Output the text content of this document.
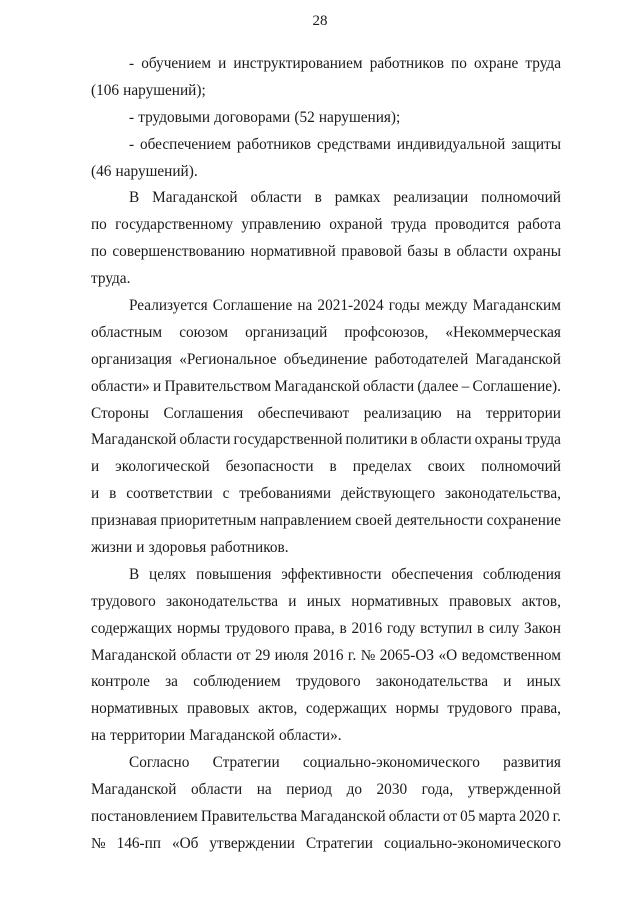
28
- обучением и инструктированием работников по охране труда
(106 нарушений);
- трудовыми договорами (52 нарушения);
- обеспечением работников средствами индивидуальной защиты
(46 нарушений).
В Магаданской области в рамках реализации полномочий
по государственному управлению охраной труда проводится работа
по совершенствованию нормативной правовой базы в области охраны
труда.
Реализуется Соглашение на 2021-2024 годы между Магаданским
областным союзом организаций профсоюзов, «Некоммерческая
организация «Региональное объединение работодателей Магаданской
области» и Правительством Магаданской области (далее – Соглашение).
Стороны Соглашения обеспечивают реализацию на территории
Магаданской области государственной политики в области охраны труда
и экологической безопасности в пределах своих полномочий
и в соответствии с требованиями действующего законодательства,
признавая приоритетным направлением своей деятельности сохранение
жизни и здоровья работников.
В целях повышения эффективности обеспечения соблюдения
трудового законодательства и иных нормативных правовых актов,
содержащих нормы трудового права, в 2016 году вступил в силу Закон
Магаданской области от 29 июля 2016 г. № 2065-ОЗ «О ведомственном
контроле за соблюдением трудового законодательства и иных
нормативных правовых актов, содержащих нормы трудового права,
на территории Магаданской области».
Согласно Стратегии социально-экономического развития
Магаданской области на период до 2030 года, утвержденной
постановлением Правительства Магаданской области от 05 марта 2020 г.
№ 146-пп «Об утверждении Стратегии социально-экономического
